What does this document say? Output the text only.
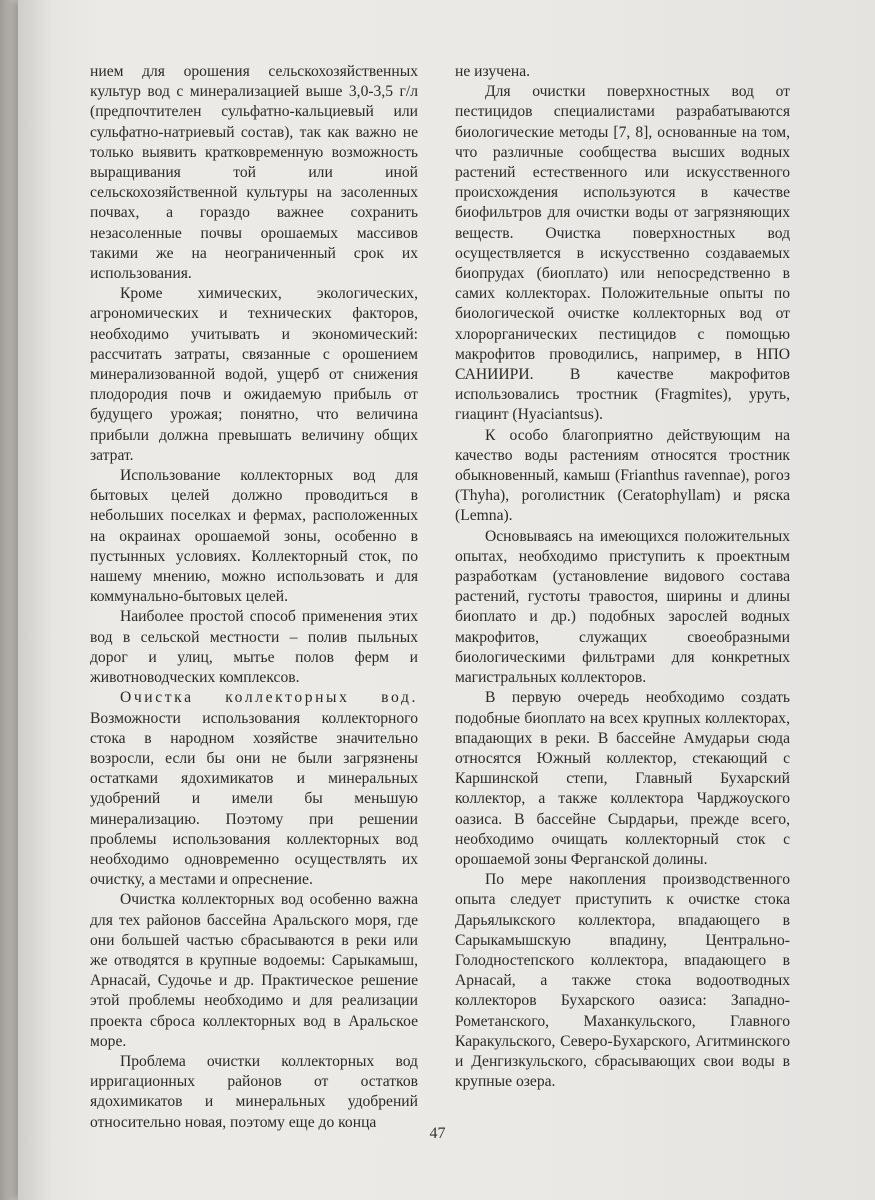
нием для орошения сельскохозяйственных культур вод с минерализацией выше 3,0-3,5 г/л (предпочтителен сульфатно-кальциевый или сульфатно-натриевый состав), так как важно не только выявить кратковременную возможность выращивания той или иной сельскохозяйственной культуры на засоленных почвах, а гораздо важнее сохранить незасоленные почвы орошаемых массивов такими же на неограниченный срок их использования.

Кроме химических, экологических, агрономических и технических факторов, необходимо учитывать и экономический: рассчитать затраты, связанные с орошением минерализованной водой, ущерб от снижения плодородия почв и ожидаемую прибыль от будущего урожая; понятно, что величина прибыли должна превышать величину общих затрат.

Использование коллекторных вод для бытовых целей должно проводиться в небольших поселках и фермах, расположенных на окраинах орошаемой зоны, особенно в пустынных условиях. Коллекторный сток, по нашему мнению, можно использовать и для коммунально-бытовых целей.

Наиболее простой способ применения этих вод в сельской местности – полив пыльных дорог и улиц, мытье полов ферм и животноводческих комплексов.

Очистка коллекторных вод. Возможности использования коллекторного стока в народном хозяйстве значительно возросли, если бы они не были загрязнены остатками ядохимикатов и минеральных удобрений и имели бы меньшую минерализацию. Поэтому при решении проблемы использования коллекторных вод необходимо одновременно осуществлять их очистку, а местами и опреснение.

Очистка коллекторных вод особенно важна для тех районов бассейна Аральского моря, где они большей частью сбрасываются в реки или же отводятся в крупные водоемы: Сарыкамыш, Арнасай, Судочье и др. Практическое решение этой проблемы необходимо и для реализации проекта сброса коллекторных вод в Аральское море.

Проблема очистки коллекторных вод ирригационных районов от остатков ядохимикатов и минеральных удобрений относительно новая, поэтому еще до конца

не изучена.

Для очистки поверхностных вод от пестицидов специалистами разрабатываются биологические методы [7, 8], основанные на том, что различные сообщества высших водных растений естественного или искусственного происхождения используются в качестве биофильтров для очистки воды от загрязняющих веществ. Очистка поверхностных вод осуществляется в искусственно создаваемых биопрудах (биоплато) или непосредственно в самих коллекторах. Положительные опыты по биологической очистке коллекторных вод от хлорорганических пестицидов с помощью макрофитов проводились, например, в НПО САНИИРИ. В качестве макрофитов использовались тростник (Fragmites), уруть, гиацинт (Hyaciantsus).

К особо благоприятно действующим на качество воды растениям относятся тростник обыкновенный, камыш (Frianthus ravennae), рогоз (Thyha), роголистник (Ceratophyllam) и ряска (Lemna).

Основываясь на имеющихся положительных опытах, необходимо приступить к проектным разработкам (установление видового состава растений, густоты травостоя, ширины и длины биоплато и др.) подобных зарослей водных макрофитов, служащих своеобразными биологическими фильтрами для конкретных магистральных коллекторов.

В первую очередь необходимо создать подобные биоплато на всех крупных коллекторах, впадающих в реки. В бассейне Амударьи сюда относятся Южный коллектор, стекающий с Каршинской степи, Главный Бухарский коллектор, а также коллектора Чарджоуского оазиса. В бассейне Сырдарьи, прежде всего, необходимо очищать коллекторный сток с орошаемой зоны Ферганской долины.

По мере накопления производственного опыта следует приступить к очистке стока Дарьялыкского коллектора, впадающего в Сарыкамышскую впадину, Центрально-Голодностепского коллектора, впадающего в Арнасай, а также стока водоотводных коллекторов Бухарского оазиса: Западно-Рометанского, Маханкульского, Главного Каракульского, Северо-Бухарского, Агитминского и Денгизкульского, сбрасывающих свои воды в крупные озера.

47
